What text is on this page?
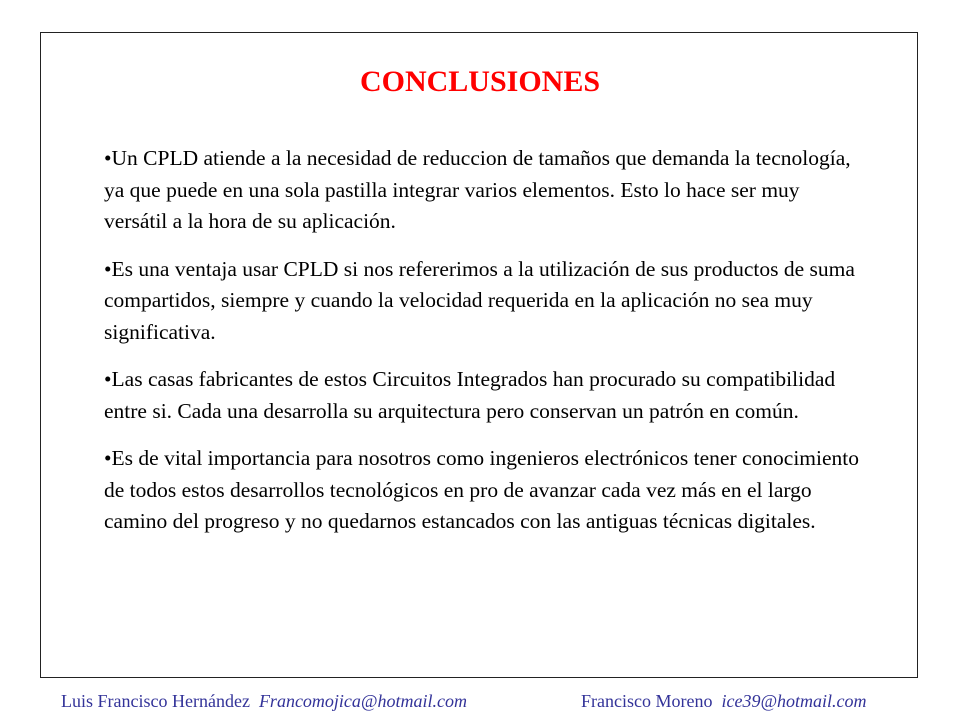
CONCLUSIONES
• Un CPLD atiende a la necesidad de reduccion de tamaños que demanda la tecnología, ya que puede en una sola pastilla integrar varios elementos. Esto lo hace ser muy versátil a la hora de su aplicación.
• Es una ventaja usar CPLD si nos refererimos a la utilización de sus productos de suma compartidos, siempre y cuando la velocidad requerida en la aplicación no sea muy significativa.
• Las casas fabricantes de estos Circuitos Integrados han procurado su compatibilidad entre si. Cada una desarrolla su arquitectura pero conservan un patrón en común.
• Es de vital importancia para nosotros como ingenieros electrónicos tener conocimiento de todos estos desarrollos tecnológicos en pro de avanzar cada vez más en el largo camino del progreso y no quedarnos estancados con las antiguas técnicas digitales.
Luis Francisco Hernández Francomojica@hotmail.com	Francisco Moreno ice39@hotmail.com
